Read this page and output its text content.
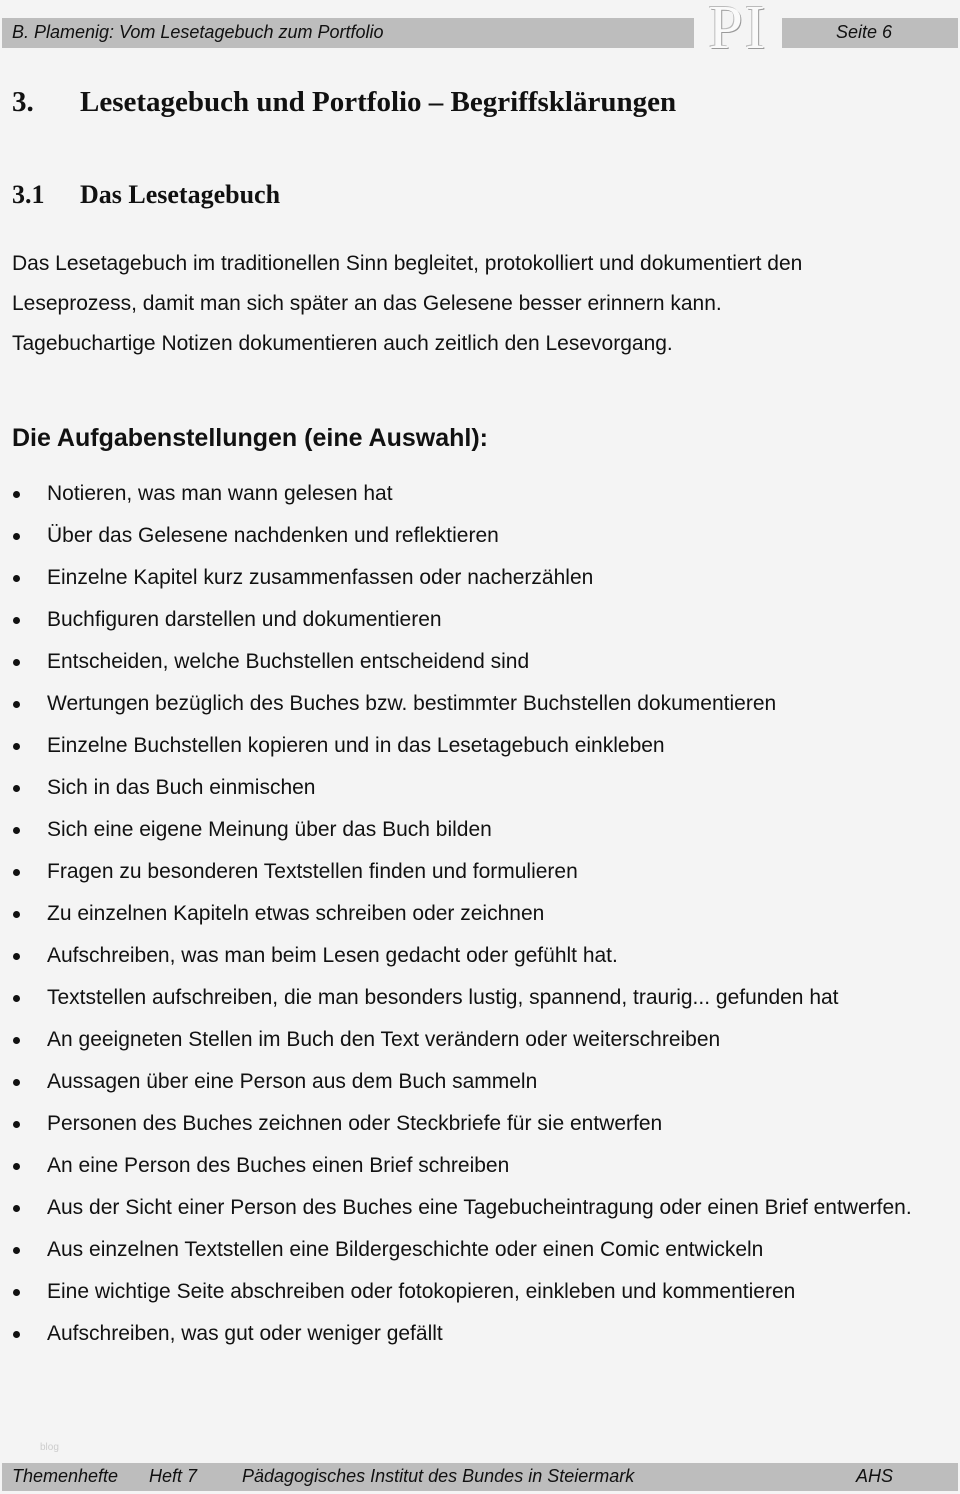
B. Plamenig: Vom Lesetagebuch zum Portfolio	Seite 6
PI
3. Lesetagebuch und Portfolio – Begriffsklärungen
3.1 Das Lesetagebuch
Das Lesetagebuch im traditionellen Sinn begleitet, protokolliert und dokumentiert den
Leseprozess, damit man sich später an das Gelesene besser erinnern kann.
Tagebuchartige Notizen dokumentieren auch zeitlich den Lesevorgang.
Die Aufgabenstellungen (eine Auswahl):
Notieren, was man wann gelesen hat
Über das Gelesene nachdenken und reflektieren
Einzelne Kapitel kurz zusammenfassen oder nacherzählen
Buchfiguren darstellen und dokumentieren
Entscheiden, welche Buchstellen entscheidend sind
Wertungen bezüglich des Buches bzw. bestimmter Buchstellen dokumentieren
Einzelne Buchstellen kopieren und in das Lesetagebuch einkleben
Sich in das Buch einmischen
Sich eine eigene Meinung über das Buch bilden
Fragen zu besonderen Textstellen finden und formulieren
Zu einzelnen Kapiteln etwas schreiben oder zeichnen
Aufschreiben, was man beim Lesen gedacht oder gefühlt hat.
Textstellen aufschreiben, die man besonders lustig, spannend, traurig... gefunden hat
An geeigneten Stellen im Buch den Text verändern oder weiterschreiben
Aussagen über eine Person aus dem Buch sammeln
Personen des Buches zeichnen oder Steckbriefe für sie entwerfen
An eine Person des Buches einen Brief schreiben
Aus der Sicht einer Person des Buches eine Tagebucheintragung oder einen Brief entwerfen.
Aus einzelnen Textstellen eine Bildergeschichte oder einen Comic entwickeln
Eine wichtige Seite abschreiben oder fotokopieren, einkleben und kommentieren
Aufschreiben, was gut oder weniger gefällt
blog
Themenhefte Heft 7 Pädagogisches Institut des Bundes in Steiermark	AHS
